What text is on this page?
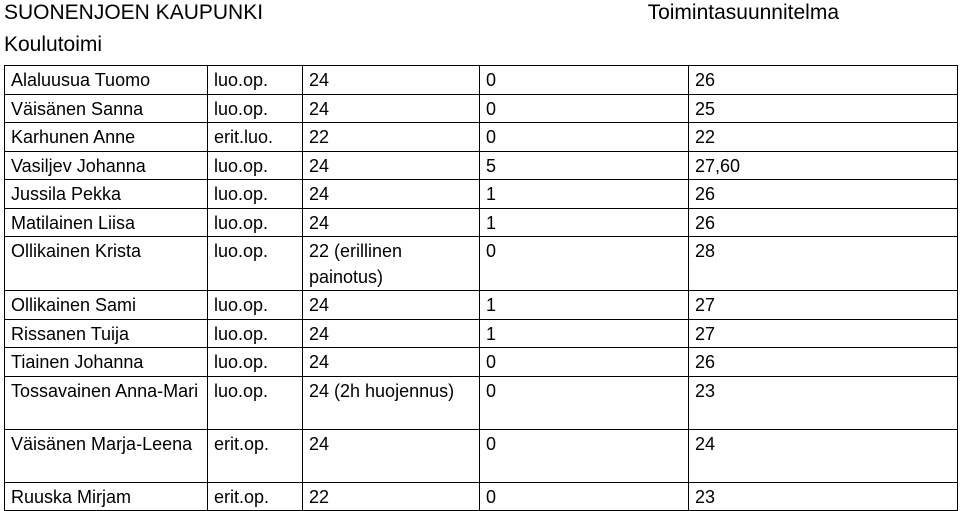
SUONENJOEN KAUPUNKI	Toimintasuunnitelma
Koulutoimi
Alaluusua Tuomo	luo.op.	24	0	26
Väisänen Sanna	luo.op.	24	0	25
Karhunen Anne	erit.luo.	22	0	22
Vasiljev Johanna	luo.op.	24	5	27,60
Jussila Pekka	luo.op.	24	1	26
Matilainen Liisa	luo.op.	24	1	26
Ollikainen Krista	luo.op.	22 (erillinen painotus)	0	28
Ollikainen Sami	luo.op.	24	1	27
Rissanen Tuija	luo.op.	24	1	27
Tiainen Johanna	luo.op.	24	0	26
Tossavainen Anna-Mari	luo.op.	24 (2h huojennus)	0	23
Väisänen Marja-Leena	erit.op.	24	0	24
Ruuska Mirjam	erit.op.	22	0	23
